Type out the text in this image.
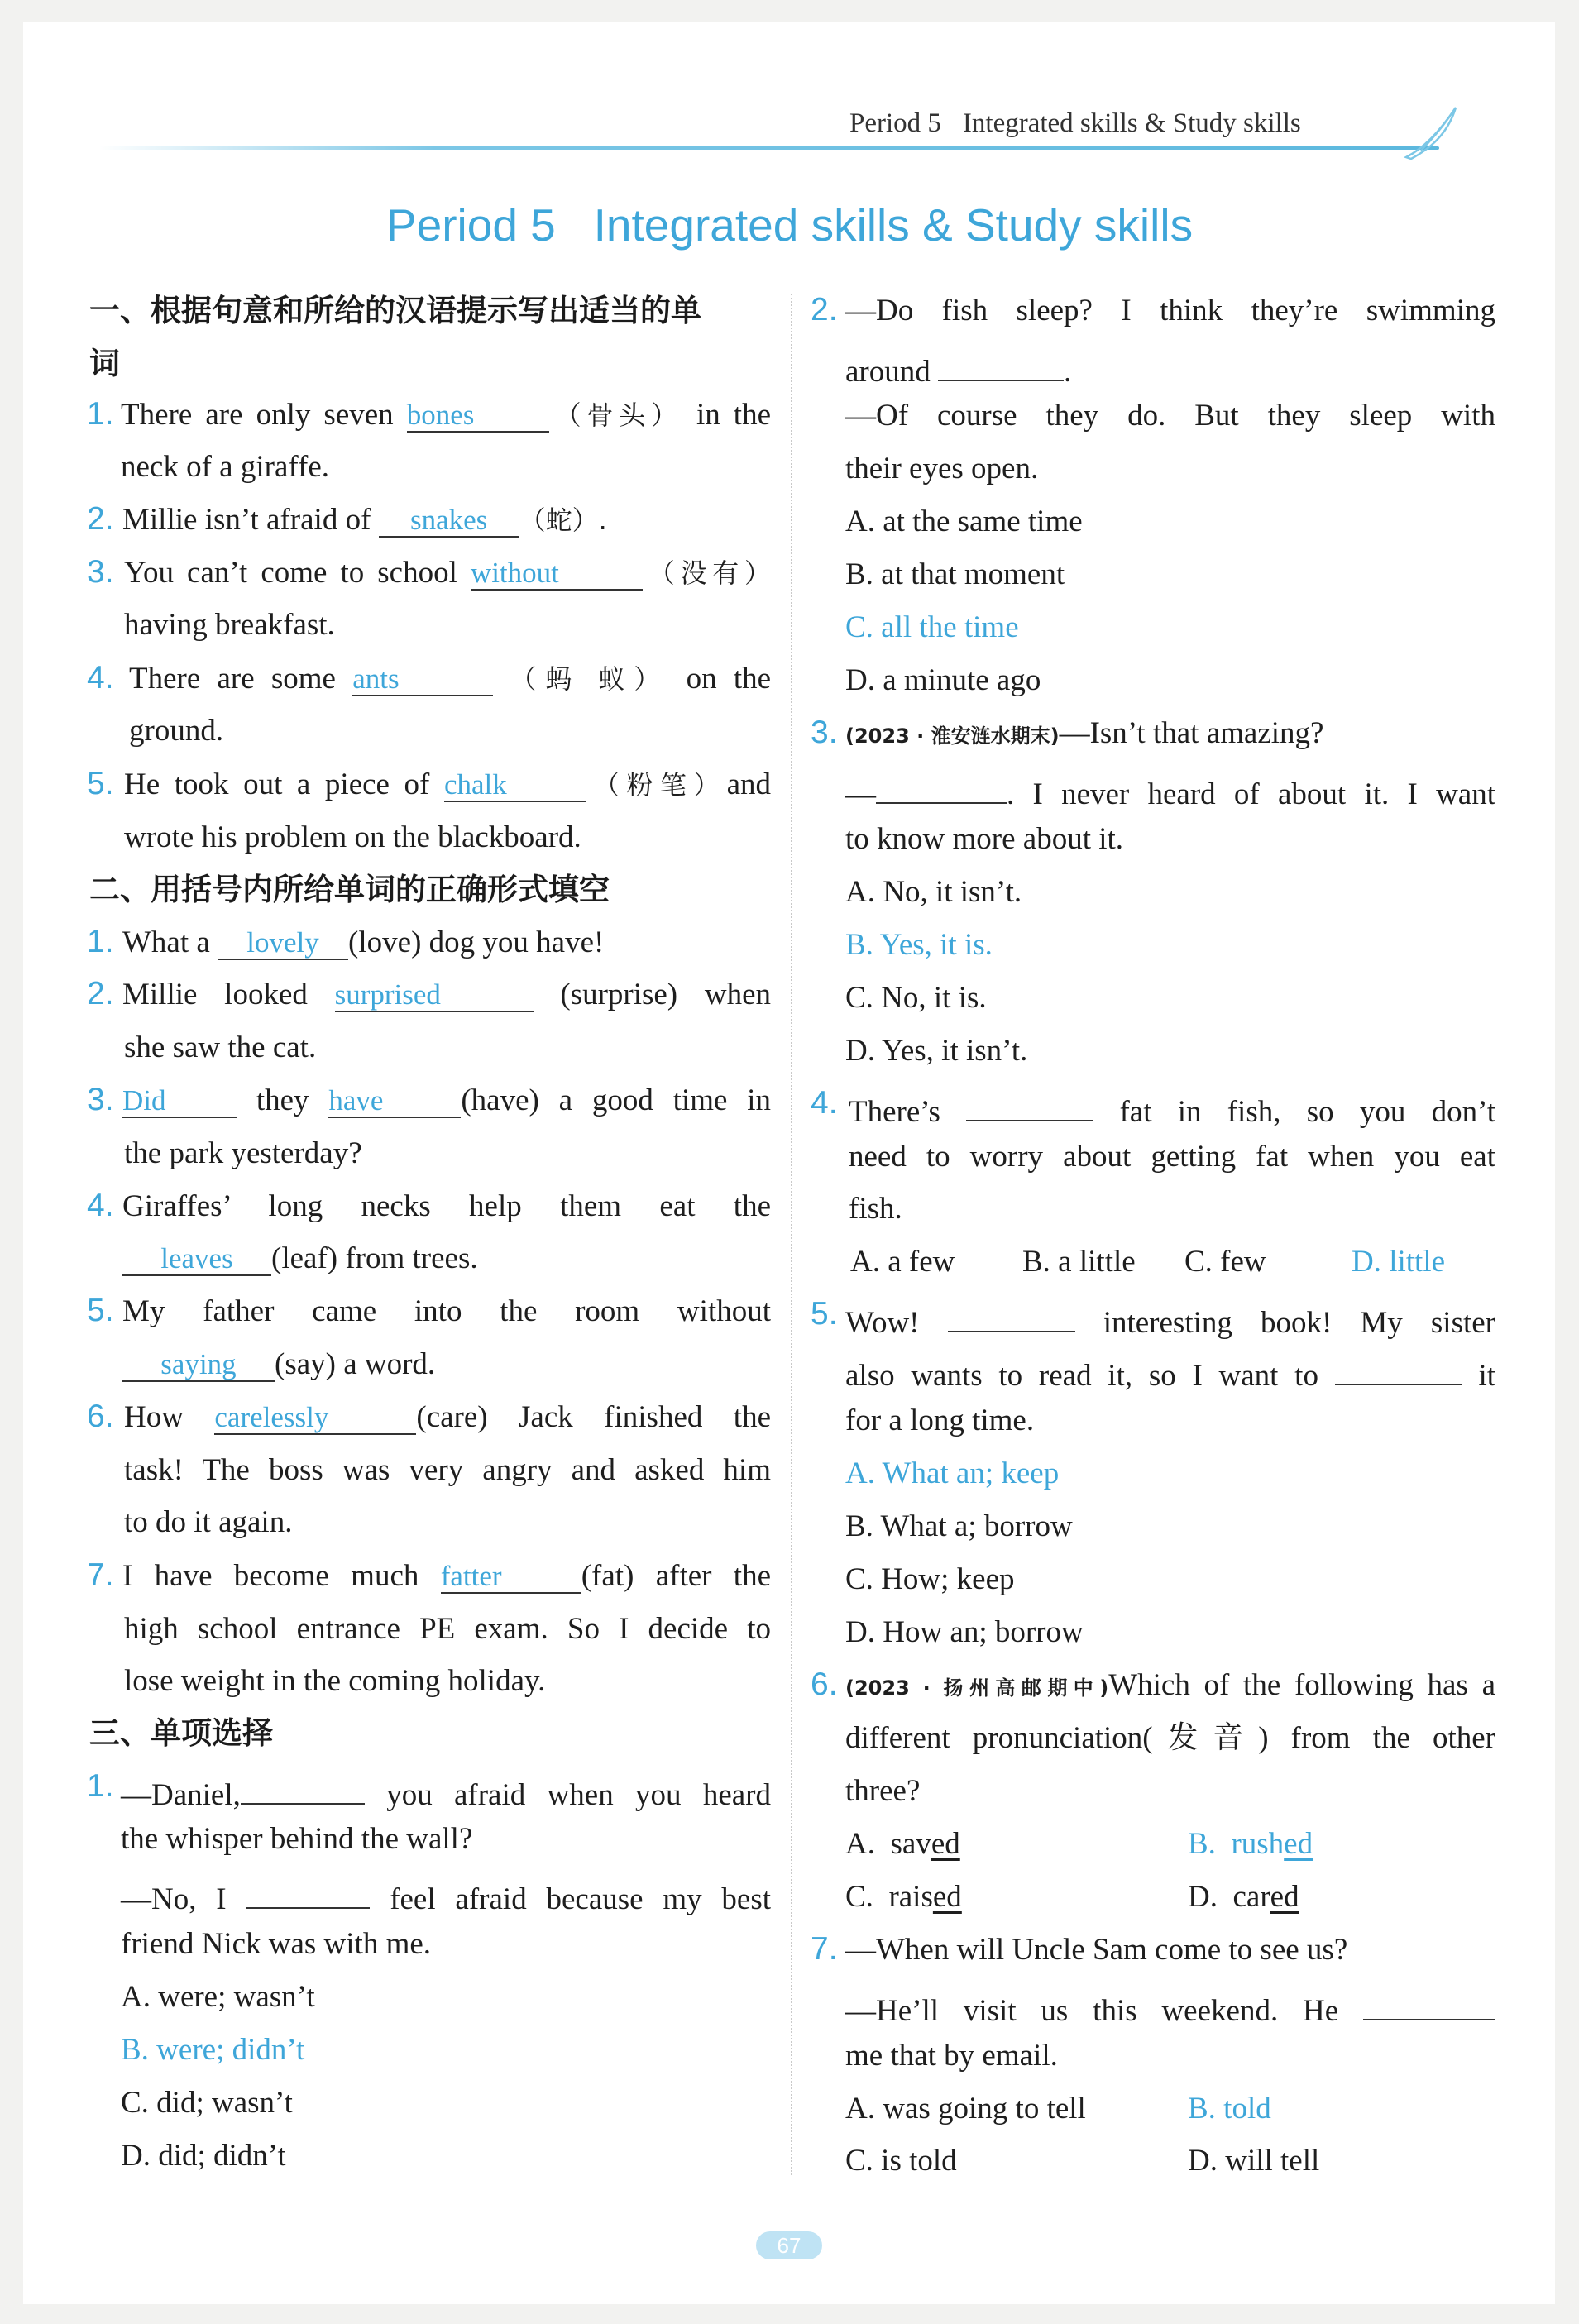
Period 5 Integrated skills & Study skills
Period 5   Integrated skills & Study skills
一、根据句意和所给的汉语提示写出适当的单
词
1. There are only seven bones	（骨头） in the
neck of a giraffe.
2. Millie isn’t afraid of snakes （蛇）.
3. You can’t come to school without	（没有）
having breakfast.
4. There are some ants	（蚂 蚁） on the
ground.
5. He took out a piece of chalk	（粉笔）and
wrote his problem on the blackboard.
二、用括号内所给单词的正确形式填空
1. What a lovely (love) dog you have!
2. Millie looked surprised	(surprise) when
she saw the cat.
3. Did	they have	(have) a good time in
the park yesterday?
4. Giraffes’ long necks help them eat the
leaves (leaf) from trees.
5. My father came into the room without
saying (say) a word.
6. How carelessly	(care) Jack finished the
task! The boss was very angry and asked him
to do it again.
7. I have become much fatter	(fat) after the
high school entrance PE exam. So I decide to
lose weight in the coming holiday.
三、单项选择
1. —Daniel,	you afraid when you heard
the whisper behind the wall?
—No, I	feel afraid because my best
friend Nick was with me.
A. were; wasn’t
B. were; didn’t
C. did; wasn’t
D. did; didn’t
2. —Do fish sleep? I think they’re swimming
around	.
—Of course they do. But they sleep with
their eyes open.
A. at the same time
B. at that moment
C. all the time
D. a minute ago
3. (2023 · 淮安涟水期末)—Isn’t that amazing?
—	. I never heard of about it. I want
to know more about it.
A. No, it isn’t.
B. Yes, it is.
C. No, it is.
D. Yes, it isn’t.
4. There’s	fat in fish, so you don’t
need to worry about getting fat when you eat
fish.
A. a few B. a little C. few	D. little
5. Wow!	interesting book! My sister
also wants to read it, so I want to	it
for a long time.
A. What an; keep
B. What a; borrow
C. How; keep
D. How an; borrow
6. (2023 · 扬州高邮期中)Which of the following has a
different pronunciation(发音) from the other
three?
A. saved	B. rushed
C. raised	D. cared
7. —When will Uncle Sam come to see us?
—He’ll visit us this weekend. He
me that by email.
A. was going to tell	B. told
C. is told	D. will tell
67
